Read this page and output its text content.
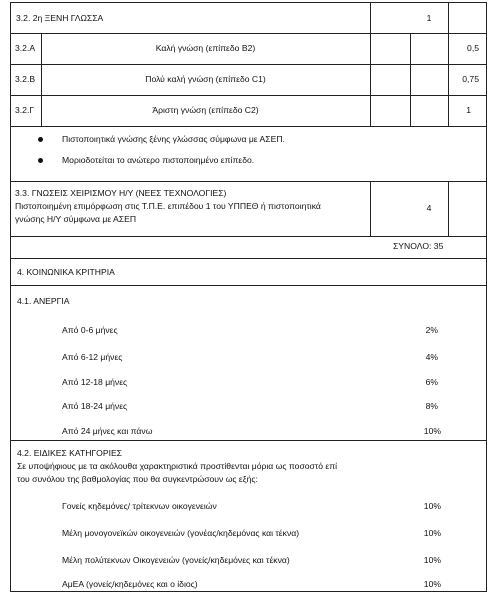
3.2. 2η ΞΕΝΗ ΓΛΩΣΣΑ	1
3.2.Α	Καλή γνώση (επίπεδο Β2)	0,5
3.2.Β	Πολύ καλή γνώση (επίπεδο C1)	0,75
3.2.Γ	Άριστη γνώση (επίπεδο C2)	1
Πιστοποιητικά γνώσης ξένης γλώσσας σύμφωνα με ΑΣΕΠ.
Μοριοδοτείται το ανώτερο πιστοποιημένο επίπεδο.
3.3. ΓΝΩΣΕΙΣ ΧΕΙΡΙΣΜΟΥ Η/Υ (ΝΕΕΣ ΤΕΧΝΟΛΟΓΙΕΣ)
Πιστοποιημένη επιμόρφωση στις Τ.Π.Ε. επιπέδου 1 του ΥΠΠΕΘ ή πιστοποιητικά
γνώσης Η/Υ σύμφωνα με ΑΣΕΠ
4
ΣΥΝΟΛΟ: 35
4. ΚΟΙΝΩΝΙΚΑ ΚΡΙΤΗΡΙΑ
4.1. ΑΝΕΡΓΙΑ
Από 0-6 μήνες	2%
Από 6-12 μήνες	4%
Από 12-18 μήνες	6%
Από 18-24 μήνες	8%
Από 24 μήνες και πάνω	10%
4.2. ΕΙΔΙΚΕΣ ΚΑΤΗΓΟΡΙΕΣ
Σε υποψήφιους με τα ακόλουθα χαρακτηριστικά προστίθενται μόρια ως ποσοστό επί
του συνόλου της βαθμολογίας που θα συγκεντρώσουν ως εξής:
Γονείς κηδεμόνες/ τρίτεκνων οικογενειών	10%
Μέλη μονογονεϊκών οικογενειών (γονέας/κηδεμόνας και τέκνα)	10%
Μέλη πολύτεκνων Οικογενειών (γονείς/κηδεμόνες και τέκνα)	10%
ΑμΕΑ (γονείς/κηδεμόνες και ο ίδιος)	10%
